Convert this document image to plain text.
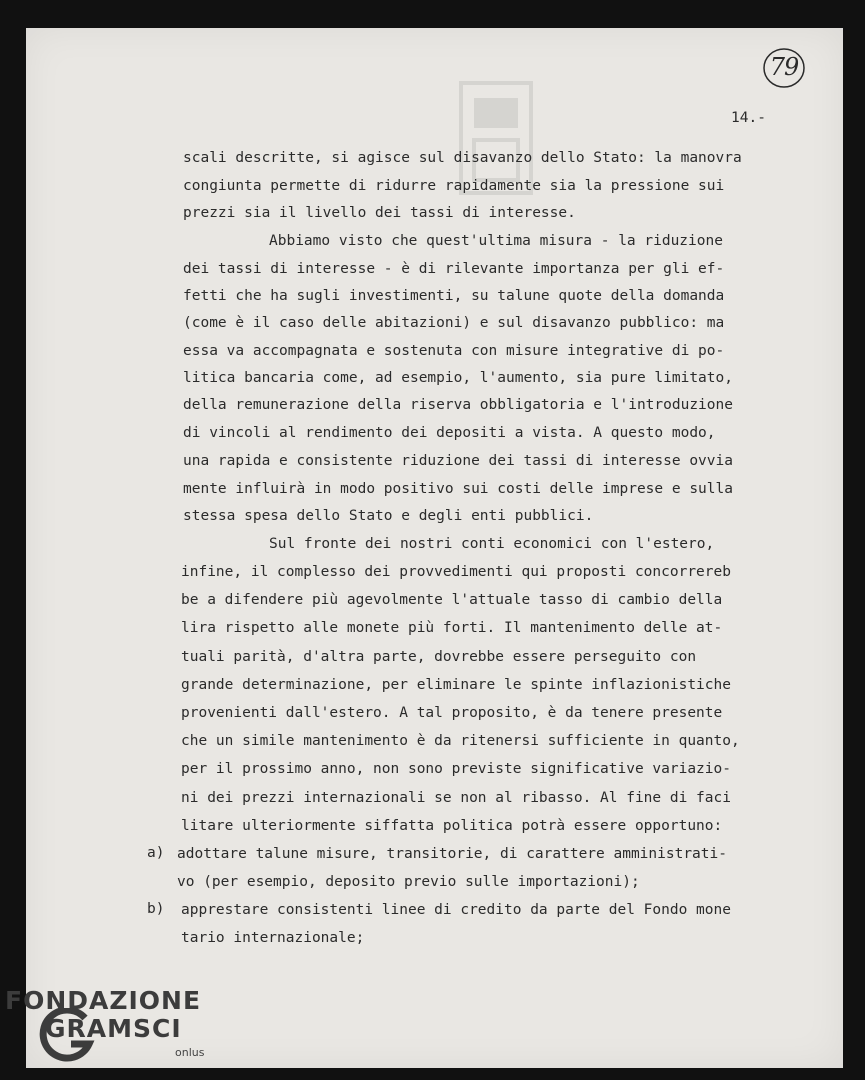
79
14.-
scali descritte, si agisce sul disavanzo dello Stato: la manovra
congiunta permette di ridurre rapidamente sia la pressione sui
prezzi sia il livello dei tassi di interesse.
Abbiamo visto che quest'ultima misura - la riduzione
dei tassi di interesse - è di rilevante importanza per gli ef-
fetti che ha sugli investimenti, su talune quote della domanda
(come è il caso delle abitazioni) e sul disavanzo pubblico: ma
essa va accompagnata e sostenuta con misure integrative di po-
litica bancaria come, ad esempio, l'aumento, sia pure limitato,
della remunerazione della riserva obbligatoria e l'introduzione
di vincoli al rendimento dei depositi a vista. A questo modo,
una rapida e consistente riduzione dei tassi di interesse ovvia
mente influirà in modo positivo sui costi delle imprese e sulla
stessa spesa dello Stato e degli enti pubblici.
Sul fronte dei nostri conti economici con l'estero,
infine, il complesso dei provvedimenti qui proposti concorrereb
be a difendere più agevolmente l'attuale tasso di cambio della
lira rispetto alle monete più forti. Il mantenimento delle at-
tuali parità, d'altra parte, dovrebbe essere perseguito con
grande determinazione, per eliminare le spinte inflazionistiche
provenienti dall'estero. A tal proposito, è da tenere presente
che un simile mantenimento è da ritenersi sufficiente in quanto,
per il prossimo anno, non sono previste significative variazio-
ni dei prezzi internazionali se non al ribasso. Al fine di faci
litare ulteriormente siffatta politica potrà essere opportuno:
a) adottare talune misure, transitorie, di carattere amministrati-
vo (per esempio, deposito previo sulle importazioni);
b) apprestare consistenti linee di credito da parte del Fondo mone
tario internazionale;
FONDAZIONE
GRAMSCI
onlus
